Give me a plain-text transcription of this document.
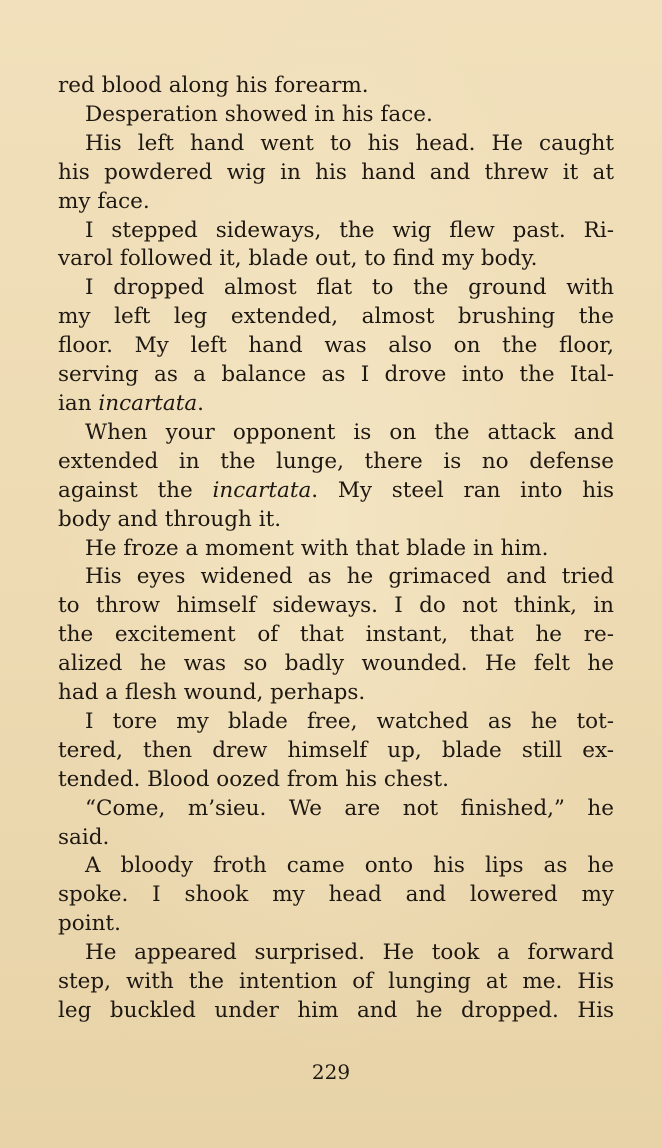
red blood along his forearm.
Desperation showed in his face.
His left hand went to his head. He caught
his powdered wig in his hand and threw it at
my face.
I stepped sideways, the wig flew past. Ri-
varol followed it, blade out, to find my body.
I dropped almost flat to the ground with
my left leg extended, almost brushing the
floor. My left hand was also on the floor,
serving as a balance as I drove into the Ital-
ian incartata.
When your opponent is on the attack and
extended in the lunge, there is no defense
against the incartata. My steel ran into his
body and through it.
He froze a moment with that blade in him.
His eyes widened as he grimaced and tried
to throw himself sideways. I do not think, in
the excitement of that instant, that he re-
alized he was so badly wounded. He felt he
had a flesh wound, perhaps.
I tore my blade free, watched as he tot-
tered, then drew himself up, blade still ex-
tended. Blood oozed from his chest.
“Come, m’sieu. We are not finished,” he
said.
A bloody froth came onto his lips as he
spoke. I shook my head and lowered my
point.
He appeared surprised. He took a forward
step, with the intention of lunging at me. His
leg buckled under him and he dropped. His
229
